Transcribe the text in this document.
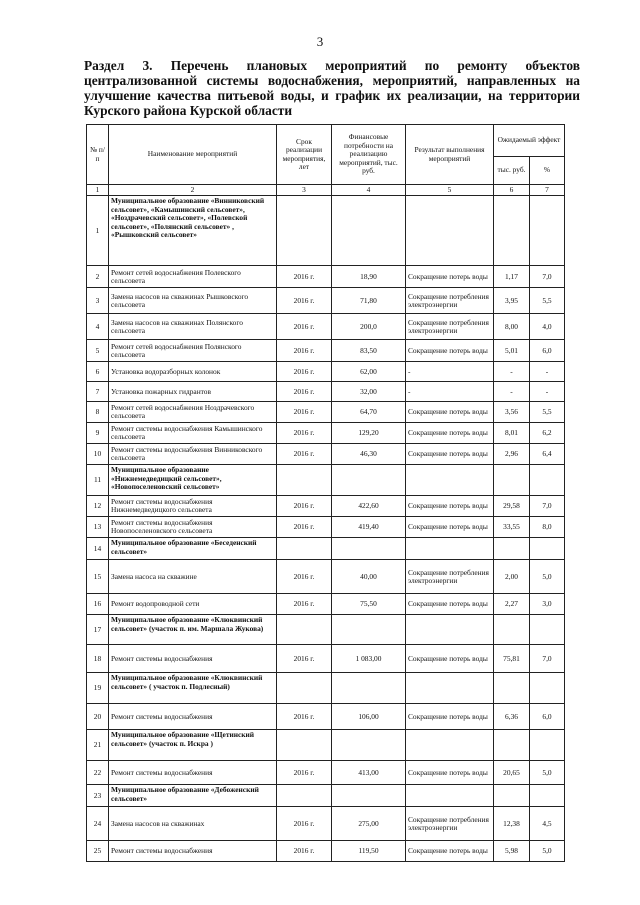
3
Раздел 3. Перечень плановых мероприятий по ремонту объектов централизованной системы водоснабжения, мероприятий, направленных на улучшение качества питьевой воды, и график их реализации, на территории Курского района Курской области
№ п/п	Наименование мероприятий	Срок реализации мероприятия, лет	Финансовые потребности на реализацию мероприятий, тыс. руб.	Результат выполнения мероприятий	Ожидаемый эффект	
					тыс. руб.	%
1	2	3	4	5	6	7
1	Муниципальное образование «Винниковский сельсовет», «Камышинский сельсовет», «Ноздрачевский сельсовет», «Полевской сельсовет», «Полянский сельсовет» , «Рышковский сельсовет»					
2	Ремонт сетей водоснабжения Полевского сельсовета	2016 г.	18,90	Сокращение потерь воды	1,17	7,0
3	Замена насосов на скважинах Рышковского сельсовета	2016 г.	71,80	Сокращение потребления электроэнергии	3,95	5,5
4	Замена насосов на скважинах Полянского сельсовета	2016 г.	200,0	Сокращение потребления электроэнергии	8,00	4,0
5	Ремонт сетей водоснабжения Полянского сельсовета	2016 г.	83,50	Сокращение потерь воды	5,01	6,0
6	Установка водоразборных колонок	2016 г.	62,00	-	-	-
7	Установка пожарных гидрантов	2016 г.	32,00	-	-	-
8	Ремонт сетей водоснабжения Ноздрачевского сельсовета	2016 г.	64,70	Сокращение потерь воды	3,56	5,5
9	Ремонт системы водоснабжения Камышинского сельсовета	2016 г.	129,20	Сокращение потерь воды	8,01	6,2
10	Ремонт системы водоснабжения Винниковского сельсовета	2016 г.	46,30	Сокращение потерь воды	2,96	6,4
11	Муниципальное образование «Нижнемедведицкий сельсовет», «Новопоселеновский сельсовет»					
12	Ремонт системы водоснабжения Нижнемедведицкого сельсовета	2016 г.	422,60	Сокращение потерь воды	29,58	7,0
13	Ремонт системы водоснабжения Новопоселеновского сельсовета	2016 г.	419,40	Сокращение потерь воды	33,55	8,0
14	Муниципальное образование «Беседенский сельсовет»					
15	Замена насоса на скважине	2016 г.	40,00	Сокращение потребления электроэнергии	2,00	5,0
16	Ремонт водопроводной сети	2016 г.	75,50	Сокращение потерь воды	2,27	3,0
17	Муниципальное образование «Клюквинский сельсовет» (участок п. им. Маршала Жукова)					
18	Ремонт системы водоснабжения	2016 г.	1 083,00	Сокращение потерь воды	75,81	7,0
19	Муниципальное образование «Клюквинский сельсовет» ( участок п. Подлесный)					
20	Ремонт системы водоснабжения	2016 г.	106,00	Сокращение потерь воды	6,36	6,0
21	Муниципальное образование «Щетинский сельсовет» (участок п. Искра )					
22	Ремонт системы водоснабжения	2016 г.	413,00	Сокращение потерь воды	20,65	5,0
23	Муниципальное образование «Дебоженский сельсовет»					
24	Замена насосов на скважинах	2016 г.	275,00	Сокращение потребления электроэнергии	12,38	4,5
25	Ремонт системы водоснабжения	2016 г.	119,50	Сокращение потерь воды	5,98	5,0
